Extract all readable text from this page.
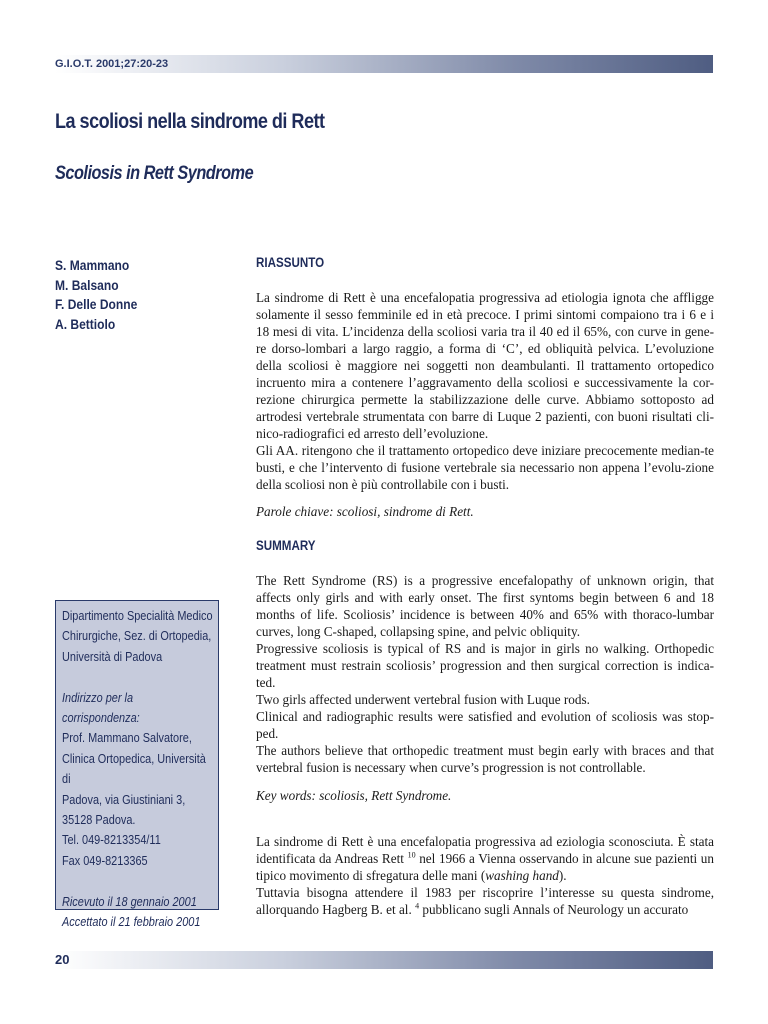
G.I.O.T. 2001;27:20-23
La scoliosi nella sindrome di Rett
Scoliosis in Rett Syndrome
S. Mammano
M. Balsano
F. Delle Donne
A. Bettiolo
RIASSUNTO

La sindrome di Rett è una encefalopatia progressiva ad etiologia ignota che affligge solamente il sesso femminile ed in età precoce. I primi sintomi compaiono tra i 6 e i 18 mesi di vita. L’incidenza della scoliosi varia tra il 40 ed il 65%, con curve in gene-re dorso-lombari a largo raggio, a forma di ‘C’, ed obliquità pelvica. L’evoluzione della scoliosi è maggiore nei soggetti non deambulanti. Il trattamento ortopedico incruento mira a contenere l’aggravamento della scoliosi e successivamente la cor-rezione chirurgica permette la stabilizzazione delle curve. Abbiamo sottoposto ad artrodesi vertebrale strumentata con barre di Luque 2 pazienti, con buoni risultati cli-nico-radiografici ed arresto dell’evoluzione.

Gli AA. ritengono che il trattamento ortopedico deve iniziare precocemente median-te busti, e che l’intervento di fusione vertebrale sia necessario non appena l’evolu-zione della scoliosi non è più controllabile con i busti.

Parole chiave: scoliosi, sindrome di Rett.
SUMMARY

The Rett Syndrome (RS) is a progressive encefalopathy of unknown origin, that affects only girls and with early onset. The first syntoms begin between 6 and 18 months of life. Scoliosis’ incidence is between 40% and 65% with thoraco-lumbar curves, long C-shaped, collapsing spine, and pelvic obliquity.

Progressive scoliosis is typical of RS and is major in girls no walking. Orthopedic treatment must restrain scoliosis’ progression and then surgical correction is indica-ted.

Two girls affected underwent vertebral fusion with Luque rods.

Clinical and radiographic results were satisfied and evolution of scoliosis was stop-ped.

The authors believe that orthopedic treatment must begin early with braces and that vertebral fusion is necessary when curve’s progression is not controllable.

Key words: scoliosis, Rett Syndrome.

La sindrome di Rett è una encefalopatia progressiva ad eziologia sconosciuta. È stata identificata da Andreas Rett $^{10}$ nel 1966 a Vienna osservando in alcune sue pazienti un tipico movimento di sfregatura delle mani (washing hand).

Tuttavia bisogna attendere il 1983 per riscoprire l’interesse su questa sindrome, allorquando Hagberg B. et al. $^4$ pubblicano sugli Annals of Neurology un accurato

Dipartimento Specialità Medico
Chirurgiche, Sez. di Ortopedia,
Università di Padova
Indirizzo per la
corrispondenza:
Prof. Mammano Salvatore,
Clinica Ortopedica, Università di
Padova, via Giustiniani 3,
35128 Padova.
Tel. 049-8213354/11
Fax 049-8213365
Ricevuto il 18 gennaio 2001
Accettato il 21 febbraio 2001
20
